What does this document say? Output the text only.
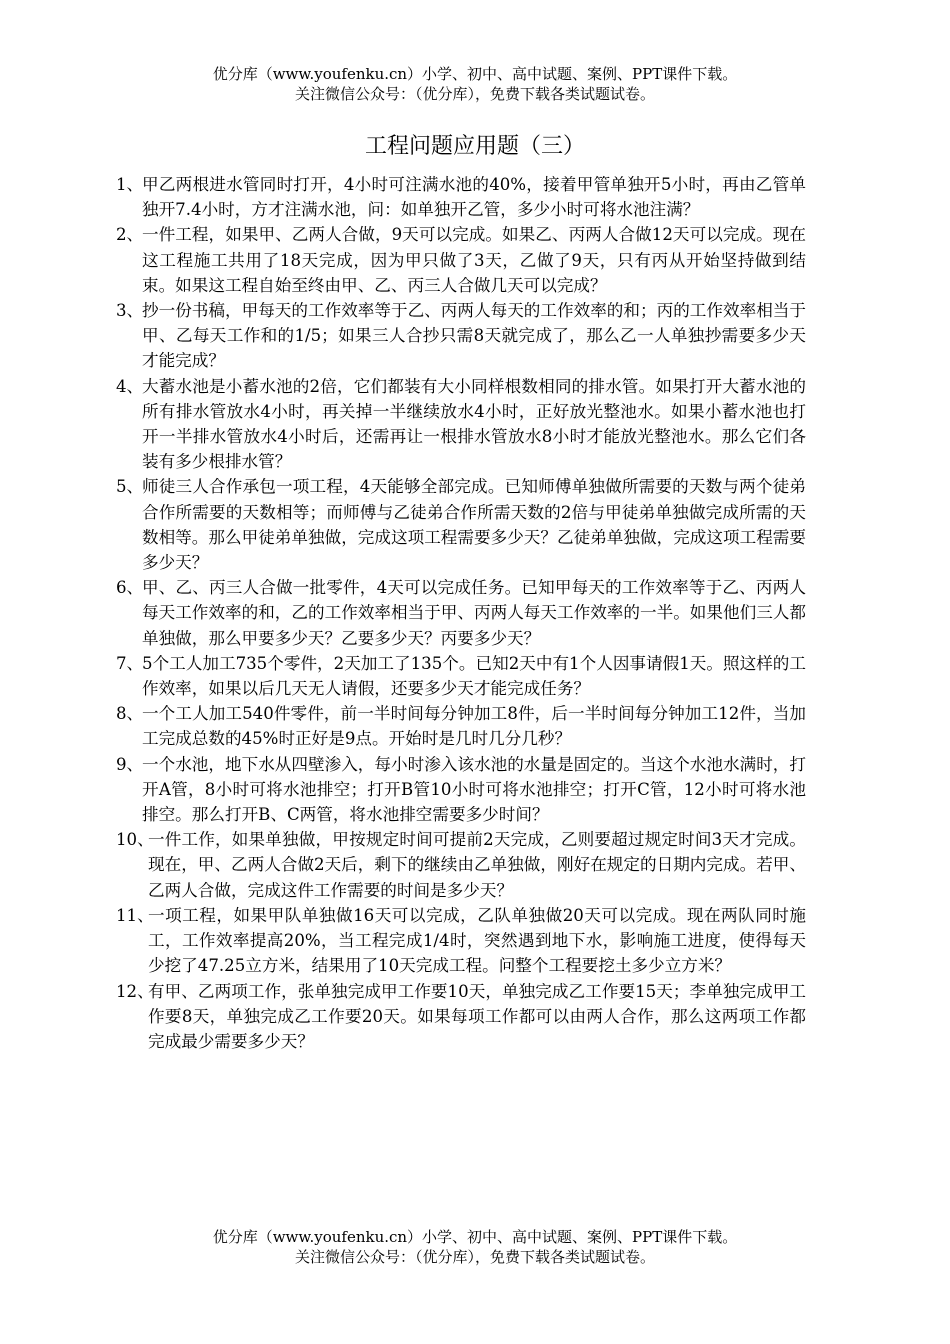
优分库（www.youfenku.cn）小学、初中、高中试题、案例、PPT课件下载。
关注微信公众号：（优分库），免费下载各类试题试卷。
工程问题应用题（三）
1、
甲乙两根进水管同时打开，4小时可注满水池的40%，接着甲管单独开5小时，再由乙管单独开7.4小时，方才注满水池，问：如单独开乙管，多少小时可将水池注满？
2、
一件工程，如果甲、乙两人合做，9天可以完成。如果乙、丙两人合做12天可以完成。现在这工程施工共用了18天完成，因为甲只做了3天，乙做了9天，只有丙从开始坚持做到结束。如果这工程自始至终由甲、乙、丙三人合做几天可以完成？
3、
抄一份书稿，甲每天的工作效率等于乙、丙两人每天的工作效率的和；丙的工作效率相当于甲、乙每天工作和的1/5；如果三人合抄只需8天就完成了，那么乙一人单独抄需要多少天才能完成？
4、
大蓄水池是小蓄水池的2倍，它们都装有大小同样根数相同的排水管。如果打开大蓄水池的所有排水管放水4小时，再关掉一半继续放水4小时，正好放光整池水。如果小蓄水池也打开一半排水管放水4小时后，还需再让一根排水管放水8小时才能放光整池水。那么它们各装有多少根排水管？
5、
师徒三人合作承包一项工程，4天能够全部完成。已知师傅单独做所需要的天数与两个徒弟合作所需要的天数相等；而师傅与乙徒弟合作所需天数的2倍与甲徒弟单独做完成所需的天数相等。那么甲徒弟单独做，完成这项工程需要多少天？乙徒弟单独做，完成这项工程需要多少天？
6、
甲、乙、丙三人合做一批零件，4天可以完成任务。已知甲每天的工作效率等于乙、丙两人每天工作效率的和，乙的工作效率相当于甲、丙两人每天工作效率的一半。如果他们三人都单独做，那么甲要多少天？乙要多少天？丙要多少天？
7、
5个工人加工735个零件，2天加工了135个。已知2天中有1个人因事请假1天。照这样的工作效率，如果以后几天无人请假，还要多少天才能完成任务？
8、
一个工人加工540件零件，前一半时间每分钟加工8件，后一半时间每分钟加工12件，当加工完成总数的45%时正好是9点。开始时是几时几分几秒？
9、
一个水池，地下水从四壁渗入，每小时渗入该水池的水量是固定的。当这个水池水满时，打开A管，8小时可将水池排空；打开B管10小时可将水池排空；打开C管，12小时可将水池排空。那么打开B、C两管，将水池排空需要多少时间？
10、
一件工作，如果单独做，甲按规定时间可提前2天完成，乙则要超过规定时间3天才完成。现在，甲、乙两人合做2天后，剩下的继续由乙单独做，刚好在规定的日期内完成。若甲、乙两人合做，完成这件工作需要的时间是多少天？
11、
一项工程，如果甲队单独做16天可以完成，乙队单独做20天可以完成。现在两队同时施工，工作效率提高20%，当工程完成1/4时，突然遇到地下水，影响施工进度，使得每天少挖了47.25立方米，结果用了10天完成工程。问整个工程要挖土多少立方米？
12、
有甲、乙两项工作，张单独完成甲工作要10天，单独完成乙工作要15天；李单独完成甲工作要8天，单独完成乙工作要20天。如果每项工作都可以由两人合作，那么这两项工作都完成最少需要多少天？
优分库（www.youfenku.cn）小学、初中、高中试题、案例、PPT课件下载。
关注微信公众号：（优分库），免费下载各类试题试卷。
